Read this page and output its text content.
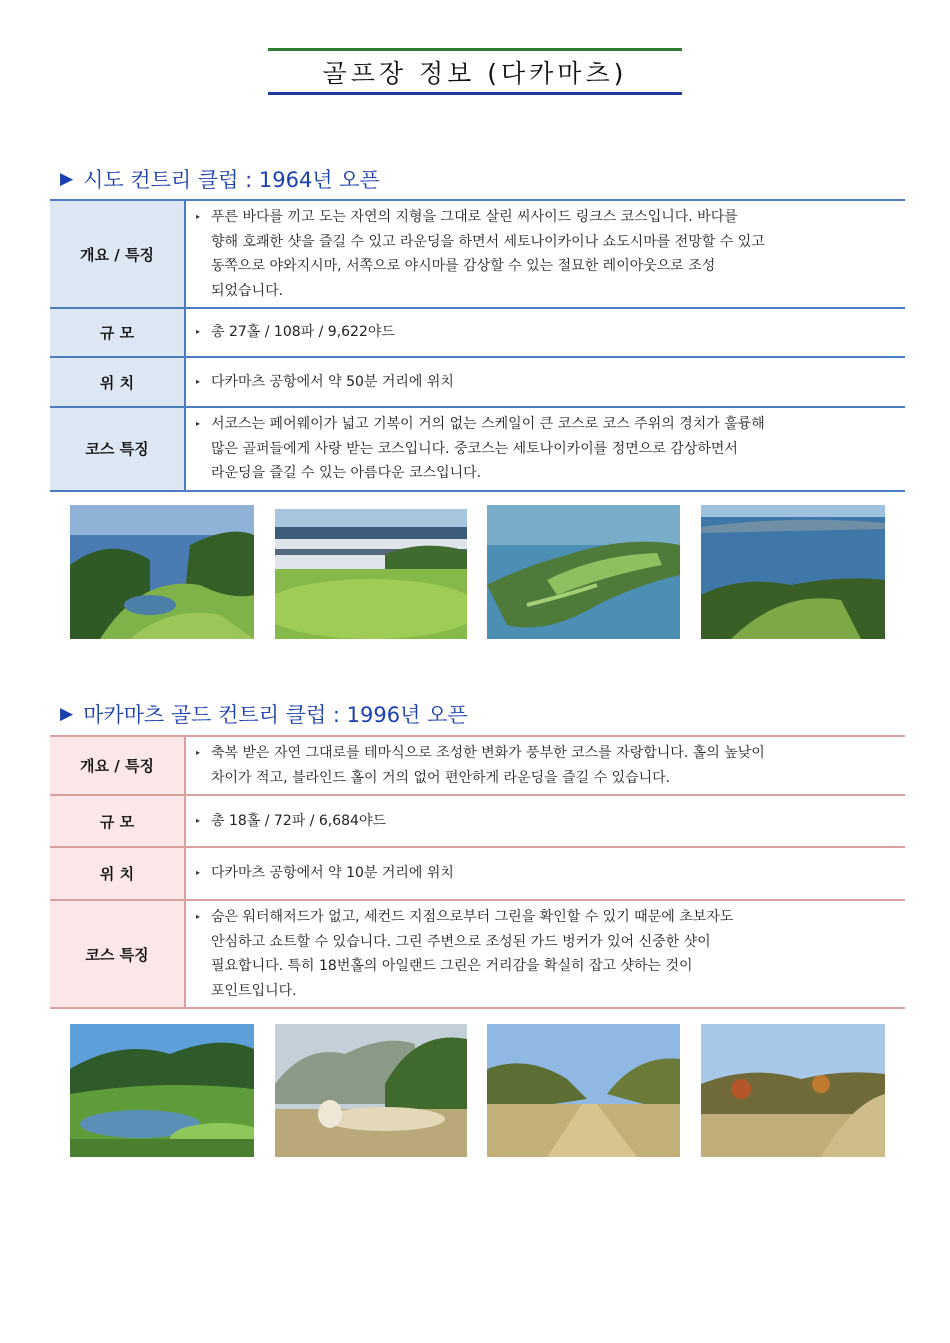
골프장 정보 (다카마츠)
▶ 시도 컨트리 클럽 : 1964년 오픈
개요 / 특징	▸ 푸른 바다를 끼고 도는 자연의 지형을 그대로 살린 씨사이드 링크스 코스입니다. 바다를
향해 호쾌한 샷을 즐길 수 있고 라운딩을 하면서 세토나이카이나 쇼도시마를 전망할 수 있고
동쪽으로 야와지시마, 서쪽으로 야시마를 감상할 수 있는 절묘한 레이아웃으로 조성
되었습니다.

규 모	▸ 총 27홀 / 108파 / 9,622야드

위 치	▸ 다카마츠 공항에서 약 50분 거리에 위치

코스 특징	▸ 서코스는 페어웨이가 넓고 기복이 거의 없는 스케일이 큰 코스로 코스 주위의 경치가 훌륭해
많은 골퍼들에게 사랑 받는 코스입니다. 중코스는 세토나이카이를 정면으로 감상하면서
라운딩을 즐길 수 있는 아름다운 코스입니다.
▶ 마카마츠 골드 컨트리 클럽 : 1996년 오픈
개요 / 특징	▸ 축복 받은 자연 그대로를 테마식으로 조성한 변화가 풍부한 코스를 자랑합니다. 홀의 높낮이
차이가 적고, 블라인드 홀이 거의 없어 편안하게 라운딩을 즐길 수 있습니다.

규 모	▸ 총 18홀 / 72파 / 6,684야드

위 치	▸ 다카마츠 공항에서 약 10분 거리에 위치

코스 특징	▸ 숨은 워터해저드가 없고, 세컨드 지점으로부터 그린을 확인할 수 있기 때문에 초보자도
안심하고 쇼트할 수 있습니다. 그린 주변으로 조성된 가드 벙커가 있어 신중한 샷이
필요합니다. 특히 18번홀의 아일랜드 그린은 거리감을 확실히 잡고 샷하는 것이
포인트입니다.
